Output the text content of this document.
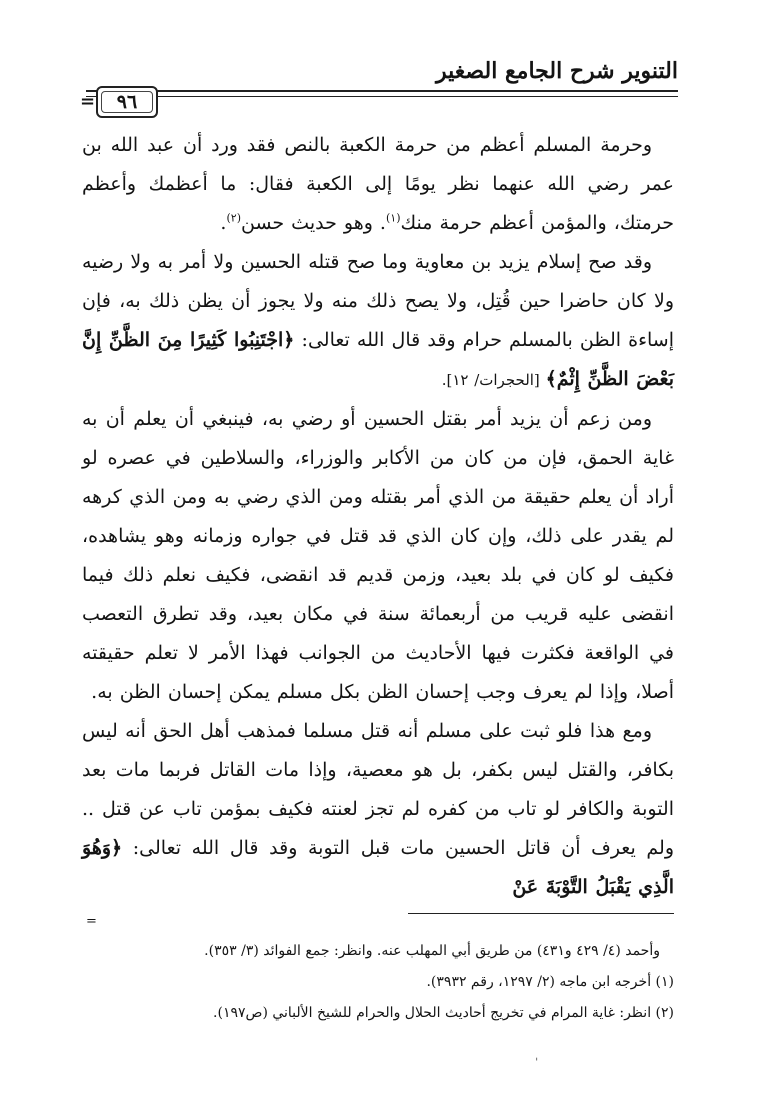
التنوير شرح الجامع الصغير
٩٦
=

وحرمة المسلم أعظم من حرمة الكعبة بالنص فقد ورد أن عبد الله بن عمر رضي الله عنهما نظر يومًا إلى الكعبة فقال: ما أعظمك وأعظم حرمتك، والمؤمن أعظم حرمة منك$^{(١)}$. وهو حديث حسن$^{(٢)}$.

وقد صح إسلام يزيد بن معاوية وما صح قتله الحسين ولا أمر به ولا رضيه ولا كان حاضرا حين قُتِل، ولا يصح ذلك منه ولا يجوز أن يظن ذلك به، فإن إساءة الظن بالمسلم حرام وقد قال الله تعالى: ﴿اجْتَنِبُوا كَثِيرًا مِنَ الظَّنِّ إِنَّ بَعْضَ الظَّنِّ إِثْمٌ﴾ [الحجرات/ ١٢].

ومن زعم أن يزيد أمر بقتل الحسين أو رضي به، فينبغي أن يعلم أن به غاية الحمق، فإن من كان من الأكابر والوزراء، والسلاطين في عصره لو أراد أن يعلم حقيقة من الذي أمر بقتله ومن الذي رضي به ومن الذي كرهه لم يقدر على ذلك، وإن كان الذي قد قتل في جواره وزمانه وهو يشاهده، فكيف لو كان في بلد بعيد، وزمن قديم قد انقضى، فكيف نعلم ذلك فيما انقضى عليه قريب من أربعمائة سنة في مكان بعيد، وقد تطرق التعصب في الواقعة فكثرت فيها الأحاديث من الجوانب فهذا الأمر لا تعلم حقيقته أصلا، وإذا لم يعرف وجب إحسان الظن بكل مسلم يمكن إحسان الظن به.

ومع هذا فلو ثبت على مسلم أنه قتل مسلما فمذهب أهل الحق أنه ليس بكافر، والقتل ليس بكفر، بل هو معصية، وإذا مات القاتل فربما مات بعد التوبة والكافر لو تاب من كفره لم تجز لعنته فكيف بمؤمن تاب عن قتل .. ولم يعرف أن قاتل الحسين مات قبل التوبة وقد قال الله تعالى: ﴿وَهُوَ الَّذِي يَقْبَلُ التَّوْبَةَ عَنْ

=

وأحمد (٤/ ٤٢٩ و٤٣١) من طريق أبي المهلب عنه. وانظر: جمع الفوائد (٣/ ٣٥٣).

(١) أخرجه ابن ماجه (٢/ ١٢٩٧، رقم ٣٩٣٢).

(٢) انظر: غاية المرام في تخريج أحاديث الحلال والحرام للشيخ الألباني (ص١٩٧).

ˌ
